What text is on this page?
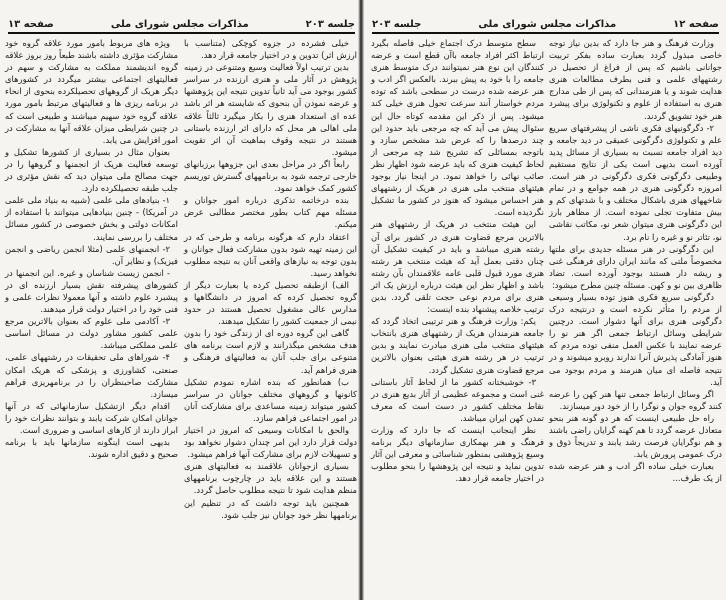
صفحه ۱۳	مذاکرات مجلس شورای ملی	جلسه ۲۰۳

خیلی فشرده در جزوه کوچکی (متناسب با ارزش اثر) تدوین و در اختیار جامعه قرار دهد.

بدین ترتیب اولاً فعالیت وسیع ومتنوعی در زمینه پژوهش در آثار ملی و هنری ارزنده در سراسر کشور بوجود می آید ثانیاً تدوین نتیجه این پژوهشها و عرضه نمودن آن بنحوی که شایسته هر اثر باشد عده ای استعداد هنری را بکار میگیرد ثالثاً علاقه ملی اهالی هر محل که دارای اثر ارزنده باستانی هستند در نتیجه وقوف بماهیت آن اثر تقویت میشود.

رابعاً اگر در مراحل بعدی این جزوهها برزبانهای خارجی ترجمه شود به برنامههای گسترش توریسم کشور کمک خواهد نمود.

بنده درخاتمه تذکری درباره امور جوانان و مسئله مهم کتاب بطور مختصر مطالبی عرض میکنم.

اعتقاد دارم که هرگونه برنامه و طرحی که در این زمینه تهیه شود بدون مشارکت فعال جوانان و بدون توجه به نیازهای واقعی آنان به نتیجه مطلوب نخواهد رسید.

الف) ازطبقه تحصیل کرده یا بعبارت دیگر از گروه تحصیل کرده که امروز در دانشگاهها و مدارس عالی مشغول تحصیل هستند در حدود نیمی از جمعیت کشور را تشکیل میدهند.

گاهی این گروه دوره ای از زندگی خود را بدون هدف مشخص میگذرانند و لازم است برنامه های متنوعی برای جلب آنان به فعالیتهای فرهنگی و هنری فراهم آید.

ب) همانطور که بنده اشاره نمودم تشکیل کانونها و گروههای مختلف جوانان در سراسر کشور میتواند زمینه مساعدی برای مشارکت آنان در امور اجتماعی فراهم سازد.

والحق با امکانات وسیعی که امروز در اختیار دولت قرار دارد این امر چندان دشوار نخواهد بود و تسهیلات لازم برای مشارکت آنها فراهم میشود.

بسیاری ازجوانان علاقمند به فعالیتهای هنری هستند و این علاقه باید در چارچوب برنامههای منظم هدایت شود تا نتیجه مطلوب حاصل گردد.

همچنین باید توجه داشت که در تنظیم این برنامهها نظر خود جوانان نیز جلب شود.

ویژه های مربوط بامور مورد علاقه گروه خود مشارکت مؤثری داشته باشند طبعاً روز بروز علاقه گروه اندیشمند مملکت به مشارکت و سهم در فعالیتهای اجتماعی بیشتر میگردد در کشورهای دیگر هریک از گروههای تحصیلکرده بنحوی از انحاء در برنامه ریزی ها و فعالیتهای مرتبط بامور مورد علاقه گروه خود سهیم میباشند و طبیعی است که در چنین شرایطی میزان علاقه آنها به مشارکت در امور افزایش می یابد.

بعنوان مثال در بسیاری از کشورها تشکیل و توسعه فعالیت هریک از انجمنها و گروهها را در جهت مصالح ملی میتوان دید که نقش مؤثری در جلب طبقه تحصیلکرده دارد.

۱- بنیادهای ملی علمی (شبیه به بنیاد ملی علمی در آمریکا) - چنین بنیادهایی میتوانند با استفاده از امکانات دولتی و بخش خصوصی در کشور مسائل مختلف را بررسی نمایند.

۲- انجمنهای علمی (مثلا انجمن ریاضی و انجمن فیزیک) و نظایر آن.

- انجمن زیست شناسان و غیره. این انجمنها در کشورهای پیشرفته نقش بسیار ارزنده ای در پیشبرد علوم داشته و آنها معمولا نظرات علمی و فنی خود را در اختیار دولت قرار میدهند.

۳- آکادمی ملی علوم که بعنوان بالاترین مرجع علمی کشور مشاور دولت در مسائل اساسی علمی مملکتی میباشد.

۴- شوراهای ملی تحقیقات در رشتههای علمی، صنعتی، کشاورزی و پزشکی که هریک امکان مشارکت صاحبنظران را در برنامهریزی فراهم میسازد.

اقدام دیگر ازتشکیل سازمانهائی که در آنها جوانان امکان شرکت یابند و بتوانند نظرات خود را ابراز دارند از کارهای اساسی و ضروری است.

بدیهی است اینگونه سازمانها باید با برنامه صحیح و دقیق اداره شوند.

جلسه ۲۰۳	مذاکرات مجلس شورای ملی	صفحه ۱۲

وزارت فرهنگ و هنر جا دارد که بدین نیاز توجه خاصی مبذول گردد بعبارت ساده بفکر تربیت جوانانی باشیم که پس از فراغ از تحصیل در رشتههای علمی و فنی بطرف مطالعات هنری هدایت شوند و یا هنرمندانی که پس از طی مدارج هنری به استفاده از علوم و تکنولوژی برای پیشرد هنر خود تشویق گردند.

۲- دگرگونیهای فکری ناشی از پیشرفتهای سریع علم و تکنولوژی دگرگونی عمیقی در دید جامعه و دید افراد جامعه نسبت به بسیاری از مسائل پدید آورده است بدیهی است یکی از نتایج مستقیم وطبیعی دگرگونی فکری دگرگونی در هنر است. امروزه دگرگونی هنری در همه جوامع و در تمام شاخههای هنری باشکال مختلف و با شدتهای کم و بیش متفاوت تجلی نموده است. از مظاهر بارز این دگرگونی هنری میتوان شعر نو، مکاتب نقاشی نو، تئاتر نو و غیره را نام برد.

این دگرگونی در هنر مسئله جدیدی برای ملتها مخصوصاً ملتی که مانند ایران دارای فرهنگی غنی و ریشه دار هستند بوجود آورده است. تضاد ظاهری بین نو و کهن. مسئله چنین مطرح میشود:

دگرگونی سریع فکری هنوز توده بسیار وسیعی از مردم را متأثر نکرده است و درنتیجه درک دگرگونی هنری برای آنها دشوار است. درچنین شرایطی وسائل ارتباط جمعی اگر هنر نو را عرضه نمایند با عکس العمل منفی توده مردم که هنوز آمادگی پذیرش آنرا ندارند روبرو میشوند و در نتیجه فاصله ای میان هنرمند و مردم بوجود می آید.

اگر وسائل ارتباط جمعی تنها هنر کهن را عرضه کنند گروه جوان و نوگرا را از خود دور میسازند.

راه حل طبیعی اینست که هر دو گونه هنر بنحو متعادل عرضه گردد تا هم کهنه گرایان راضی باشند و هم نوگرایان فرصت رشد یابند و تدریجاً ذوق و درک عمومی پرورش یابد.

بعبارت خیلی ساده اگر ادب و هنر عرضه شده از یک طرف...

سطح متوسط درک اجتماع خیلی فاصله بگیرد ارتباط اکثر افراد جامعه باآن قطع است و عرضه کنندگان این نوع هنر نمیتوانند درک متوسط هنری جامعه را با خود به پیش ببرند. بالعکس اگر ادب و هنر عرضه شده درست در سطحی باشد که توده مردم خواستار آنند سرعت تحول هنری خیلی کند میشود. پس از ذکر این مقدمه کوتاه حال این سئوال پیش می آید که چه مرجعی باید حدود این چند درصدها را که عرض شد مشخص سازد و باتوجه بمسائلی که تشریح شد چه مرجعی از لحاظ کیفیت هنری که باید عرضه شود اظهار نظر صائب نهائی را خواهد نمود. در اینجا نیاز بوجود هیئتهای منتخب ملی هنری در هریک از رشتههای هنر احساس میشود که هنوز در کشور ما تشکیل نگردیده است.

این هیئت منتخب در هریک از رشتههای هنر بالاترین مرجع قضاوت هنری در کشور برای آن رشته هنری میباشد و باید در کیفیت تشکیل آن چنان دقتی بعمل آید که هیئت منتخب هر رشته هنری مورد قبول قلبی عامه علاقمندان بآن رشته باشد و اظهار نظر این هیئت درباره ارزش یک اثر هنری برای مردم نوعی حجت تلقی گردد. بدین ترتیب خلاصه پیشنهاد بنده اینست:

یکم: وزارت فرهنگ و هنر ترتیبی اتخاذ گردد که جامعه هنرمندان هریک از رشتههای هنری بانتخاب هیئتهای منتخب ملی هنری مبادرت نمایند و بدین ترتیب در هر رشته هنری هیئتی بعنوان بالاترین مرجع قضاوت هنری تشکیل گردد.

۳- خوشبختانه کشور ما از لحاظ آثار باستانی غنی است و مجموعه عظیمی از آثار بدیع هنری در نقاط مختلف کشور در دست است که معرف تمدن کهن ایران میباشد.

نظر اینجانب اینست که جا دارد که وزارت فرهنگ و هنر بهمکاری سازمانهای دیگر برنامه وسیع پژوهشی بمنظور شناسائی و معرفی این آثار تدوین نماید و نتیجه این پژوهشها را بنحو مطلوب در اختیار جامعه قرار دهد.
